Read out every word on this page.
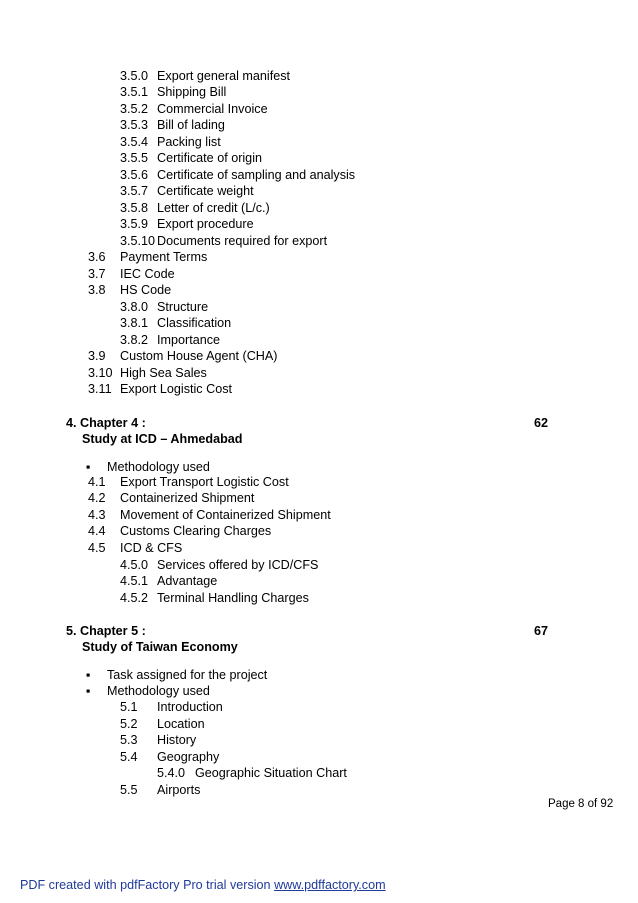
3.5.0 Export general manifest
3.5.1 Shipping Bill
3.5.2 Commercial Invoice
3.5.3 Bill of lading
3.5.4 Packing list
3.5.5 Certificate of origin
3.5.6 Certificate of sampling and analysis
3.5.7 Certificate weight
3.5.8 Letter of credit (L/c.)
3.5.9 Export procedure
3.5.10 Documents required for export
3.6 Payment Terms
3.7 IEC Code
3.8 HS Code
3.8.0 Structure
3.8.1 Classification
3.8.2 Importance
3.9 Custom House Agent (CHA)
3.10 High Sea Sales
3.11 Export Logistic Cost
4. Chapter 4 :	62
Study at ICD – Ahmedabad
▪ Methodology used
4.1 Export Transport Logistic Cost
4.2 Containerized Shipment
4.3 Movement of Containerized Shipment
4.4 Customs Clearing Charges
4.5 ICD & CFS
4.5.0 Services offered by ICD/CFS
4.5.1 Advantage
4.5.2 Terminal Handling Charges
5. Chapter 5 :	67
Study of Taiwan Economy
▪ Task assigned for the project
▪ Methodology used
5.1 Introduction
5.2 Location
5.3 History
5.4 Geography
5.4.0 Geographic Situation Chart
5.5 Airports
Page 8 of 92
PDF created with pdfFactory Pro trial version www.pdffactory.com
